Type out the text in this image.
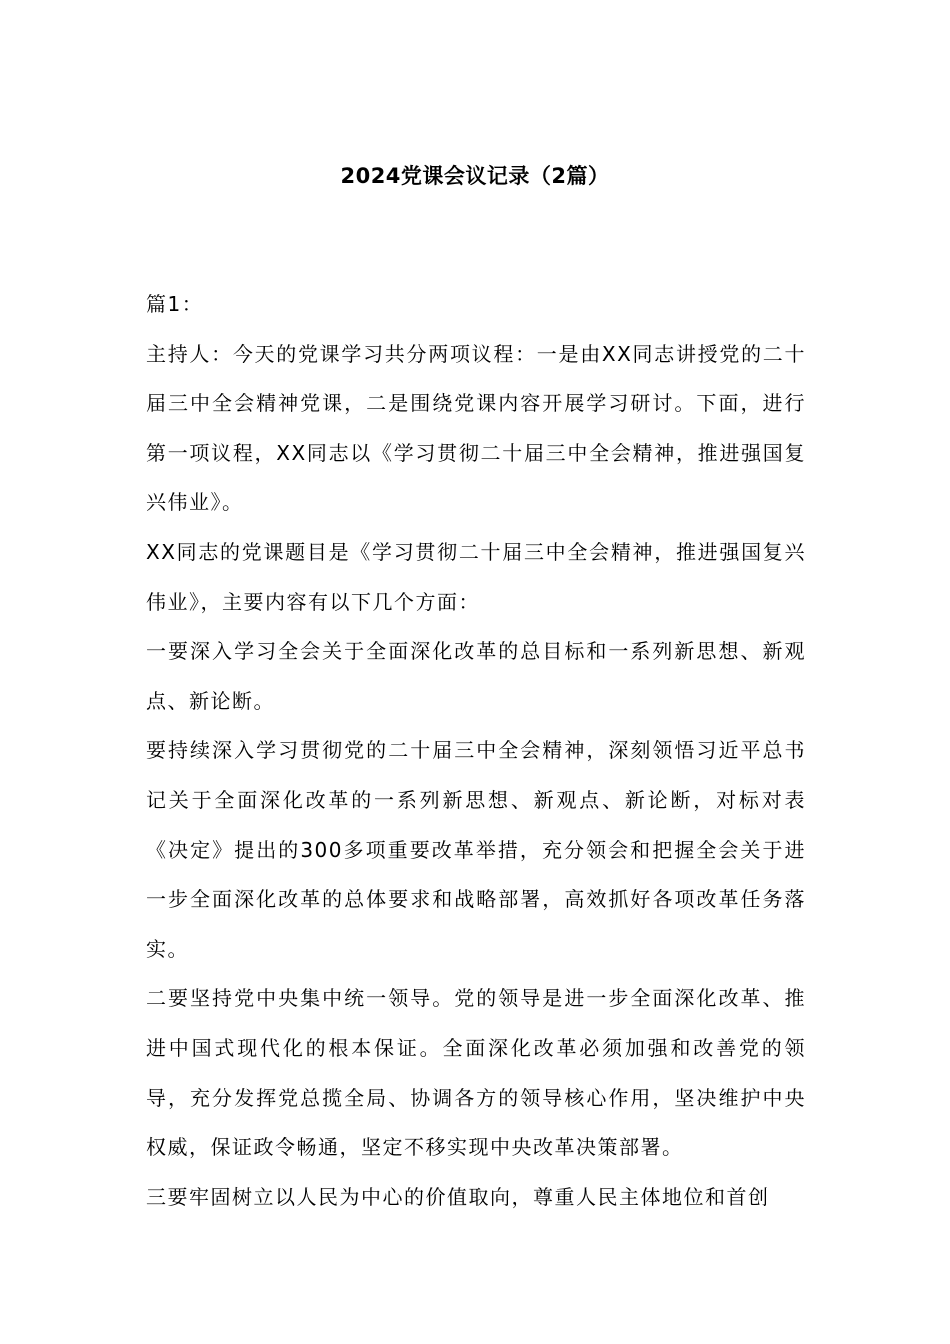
2024党课会议记录（2篇）

篇1：

主持人：今天的党课学习共分两项议程：一是由XX同志讲授党的二十届三中全会精神党课，二是围绕党课内容开展学习研讨。下面，进行第一项议程，XX同志以《学习贯彻二十届三中全会精神，推进强国复兴伟业》。

XX同志的党课题目是《学习贯彻二十届三中全会精神，推进强国复兴伟业》，主要内容有以下几个方面：

一要深入学习全会关于全面深化改革的总目标和一系列新思想、新观点、新论断。

要持续深入学习贯彻党的二十届三中全会精神，深刻领悟习近平总书记关于全面深化改革的一系列新思想、新观点、新论断，对标对表《决定》提出的300多项重要改革举措，充分领会和把握全会关于进一步全面深化改革的总体要求和战略部署，高效抓好各项改革任务落实。

二要坚持党中央集中统一领导。党的领导是进一步全面深化改革、推进中国式现代化的根本保证。全面深化改革必须加强和改善党的领导，充分发挥党总揽全局、协调各方的领导核心作用，坚决维护中央权威，保证政令畅通，坚定不移实现中央改革决策部署。

三要牢固树立以人民为中心的价值取向，尊重人民主体地位和首创
